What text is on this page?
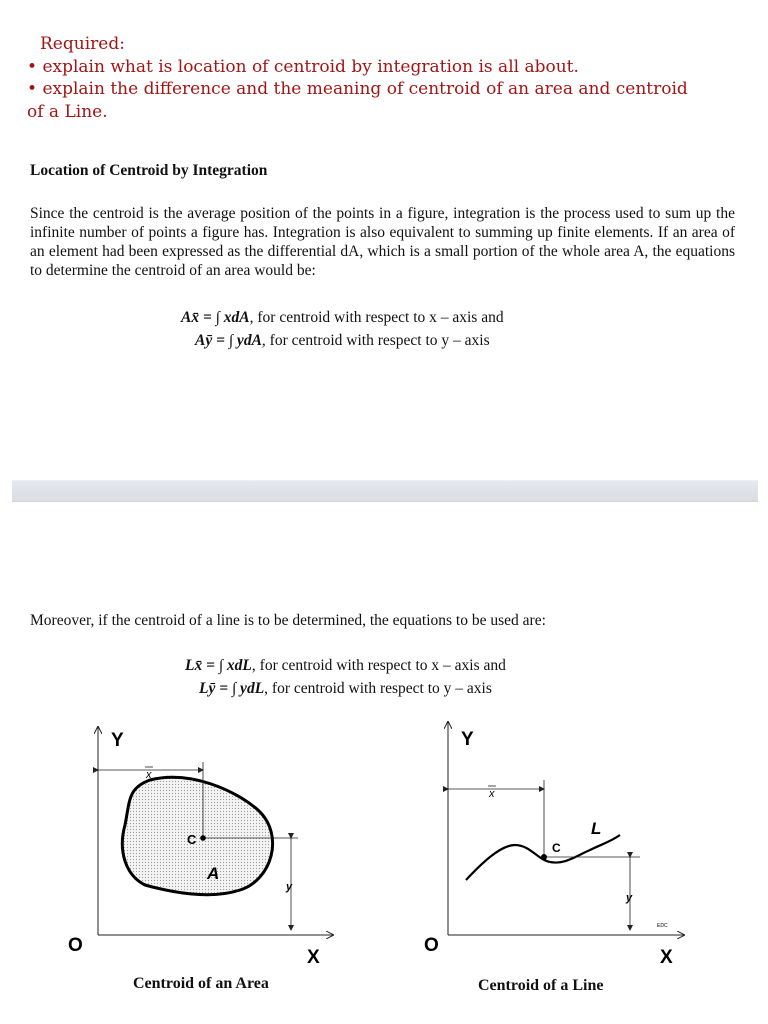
Required:
• explain what is location of centroid by integration is all about.
• explain the difference and the meaning of centroid of an area and centroid
of a Line.
Location of Centroid by Integration
Since the centroid is the average position of the points in a figure, integration is the process used to sum up the infinite number of points a figure has. Integration is also equivalent to summing up finite elements. If an area of an element had been expressed as the differential dA, which is a small portion of the whole area A, the equations to determine the centroid of an area would be:
Ax̄ = ∫ xdA, for centroid with respect to x – axis and
Aȳ = ∫ ydA, for centroid with respect to y – axis
Moreover, if the centroid of a line is to be determined, the equations to be used are:
Lx̄ = ∫ xdL, for centroid with respect to x – axis and
Lȳ = ∫ ydL, for centroid with respect to y – axis
Y
X
O
x
y
C
A
Y
X
O
x
y
C
L
EDC
Centroid of an Area	Centroid of a Line
